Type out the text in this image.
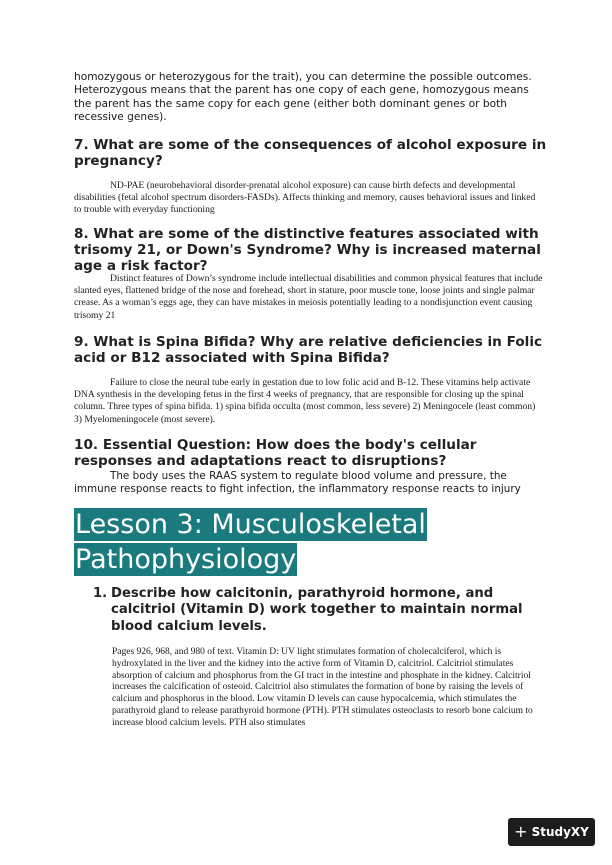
homozygous or heterozygous for the trait), you can determine the possible outcomes. Heterozygous means that the parent has one copy of each gene, homozygous means the parent has the same copy for each gene (either both dominant genes or both recessive genes).

7. What are some of the consequences of alcohol exposure in pregnancy?
ND-PAE (neurobehavioral disorder-prenatal alcohol exposure) can cause birth defects and developmental disabilities (fetal alcohol spectrum disorders-FASDs). Affects thinking and memory, causes behavioral issues and linked to trouble with everyday functioning
8. What are some of the distinctive features associated with trisomy 21, or Down's Syndrome? Why is increased maternal age a risk factor?
Distinct features of Down’s syndrome include intellectual disabilities and common physical features that include slanted eyes, flattened bridge of the nose and forehead, short in stature, poor muscle tone, loose joints and single palmar crease. As a woman’s eggs age, they can have mistakes in meiosis potentially leading to a nondisjunction event causing trisomy 21
9. What is Spina Bifida? Why are relative deficiencies in Folic acid or B12 associated with Spina Bifida?
Failure to close the neural tube early in gestation due to low folic acid and B-12. These vitamins help activate DNA synthesis in the developing fetus in the first 4 weeks of pregnancy, that are responsible for closing up the spinal column. Three types of spina bifida. 1) spina bifida occulta (most common, less severe) 2) Meningocele (least common) 3) Myelomeningocele (most severe).
10. Essential Question: How does the body's cellular responses and adaptations react to disruptions?
The body uses the RAAS system to regulate blood volume and pressure, the immune response reacts to fight infection, the inflammatory response reacts to injury
Lesson 3: Musculoskeletal
Pathophysiology
1. Describe how calcitonin, parathyroid hormone, and calcitriol (Vitamin D) work together to maintain normal blood calcium levels.
Pages 926, 968, and 980 of text. Vitamin D: UV light stimulates formation of cholecalciferol, which is hydroxylated in the liver and the kidney into the active form of Vitamin D, calcitriol. Calcitriol stimulates absorption of calcium and phosphorus from the GI tract in the intestine and phosphate in the kidney. Calcitriol increases the calcification of osteoid. Calcitriol also stimulates the formation of bone by raising the levels of calcium and phosphorus in the blood. Low vitamin D levels can cause hypocalcemia, which stimulates the parathyroid gland to release parathyroid hormone (PTH). PTH stimulates osteoclasts to resorb bone calcium to increase blood calcium levels. PTH also stimulates
+ StudyXY
